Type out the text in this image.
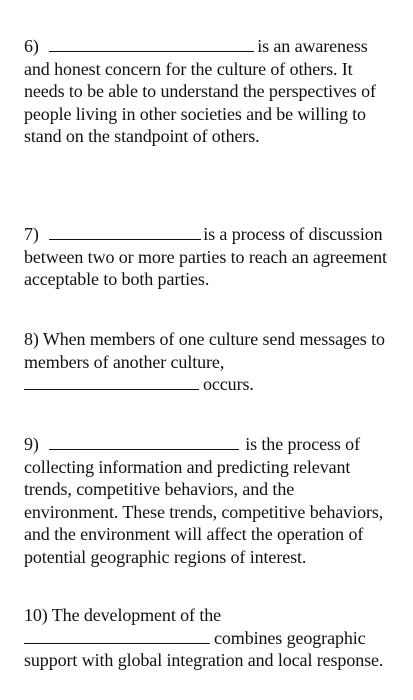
6)	is an awareness
and honest concern for the culture of others. It
needs to be able to understand the perspectives of
people living in other societies and be willing to
stand on the standpoint of others.
7)	is a process of discussion
between two or more parties to reach an agreement
acceptable to both parties.
8) When members of one culture send messages to
members of another culture,
occurs.
9)	is the process of
collecting information and predicting relevant
trends, competitive behaviors, and the
environment. These trends, competitive behaviors,
and the environment will affect the operation of
potential geographic regions of interest.
10) The development of the
combines geographic
support with global integration and local response.
